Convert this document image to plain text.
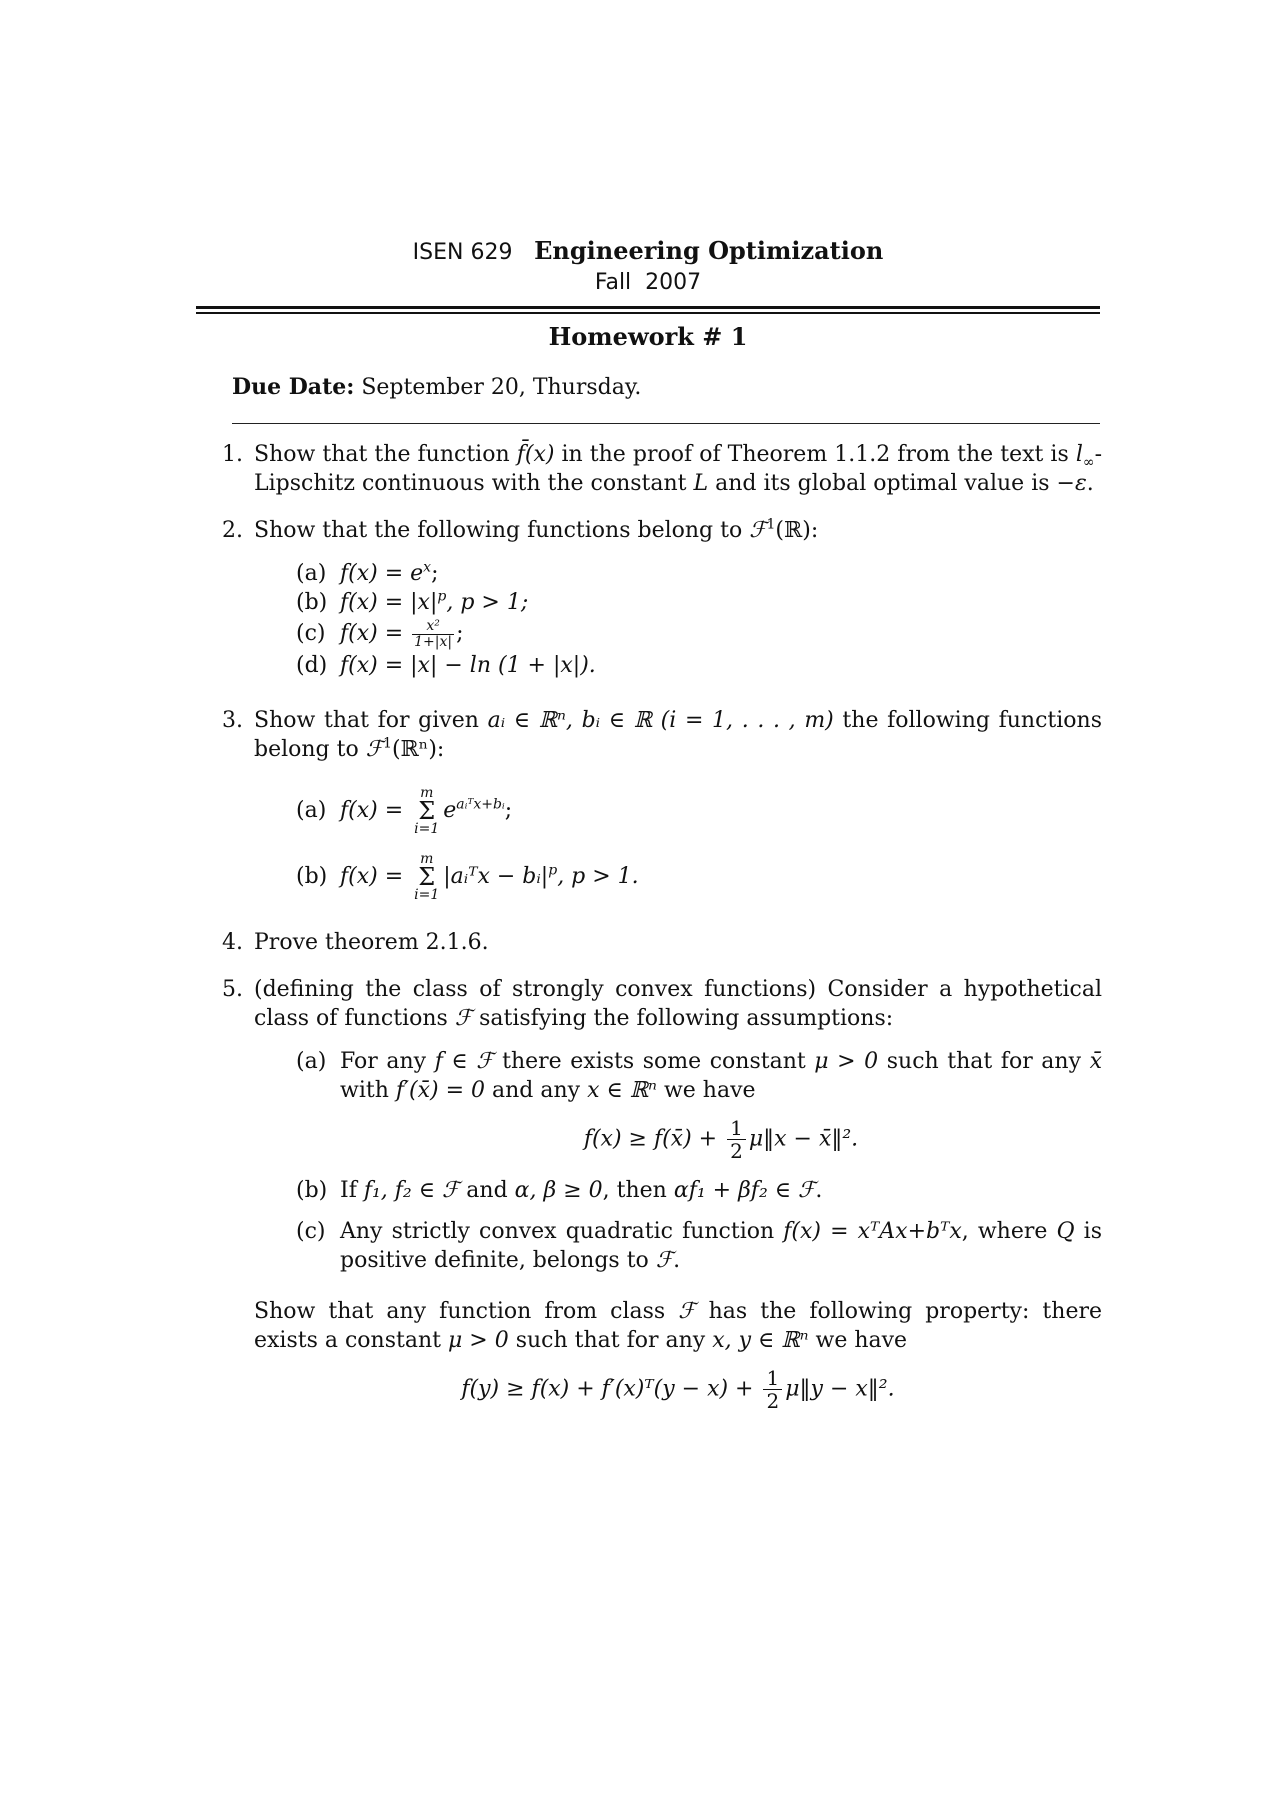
ISEN 629 Engineering Optimization
Fall  2007
Homework # 1
Due Date: September 20, Thursday.
1. Show that the function f̄(x) in the proof of Theorem 1.1.2 from the text is $l_\infty$-Lipschitz continuous with the constant L and its global optimal value is −ε.
2. Show that the following functions belong to ℱ$^1$(ℝ):
(a) $f(x) = e^x$;
(b) $f(x) = |x|^p$, p > 1;
(c) $f(x) = \frac{\text{x²}}{1+|x|}$ ;
(d) f(x) = |x| − ln (1 + |x|).
3. Show that for given aᵢ ∈ ℝⁿ, bᵢ ∈ ℝ (i = 1, . . . , m) the following functions belong to ℱ$^1$(ℝⁿ):
(a) f(x) = m
Σ
$i=1e^{aᵢᵀx+bᵢ}$;
(b) f(x) = m
Σ
i=1|aᵢᵀx − $bᵢ|^p$, p > 1.
4. Prove theorem 2.1.6.
5. (defining the class of strongly convex functions) Consider a hypothetical class of functions ℱ satisfying the following assumptions:
(a) For any f ∈ ℱ there exists some constant μ > 0 such that for any x̄ with f′(x̄) = 0 and any x ∈ ℝⁿ we have
f(x) ≥ f(x̄) + $\frac{1}{2}$ μ‖x − x̄‖².
(b) If f₁, f₂ ∈ ℱ and α, β ≥ 0, then αf₁ + βf₂ ∈ ℱ.
(c) Any strictly convex quadratic function f(x) = xᵀAx+bᵀx, where Q is positive definite, belongs to ℱ.
Show that any function from class ℱ has the following property: there exists a constant μ > 0 such that for any x, y ∈ ℝⁿ we have
f(y) ≥ f(x) + f′(x)ᵀ(y − $x) + \frac{1}{2}$ μ‖y − x‖².
